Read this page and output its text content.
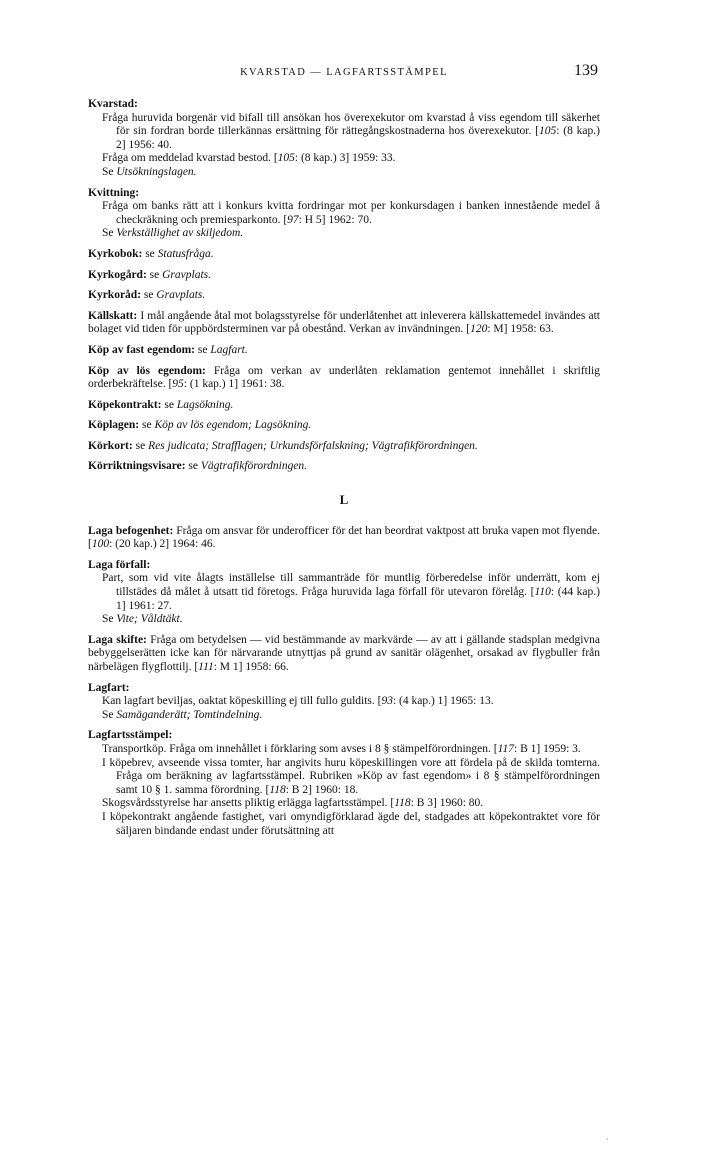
KVARSTAD — LAGFARTSSTÄMPEL	139
Kvarstad:
Fråga huruvida borgenär vid bifall till ansökan hos överexekutor om kvarstad å viss egendom till säkerhet för sin fordran borde tillerkännas ersättning för rättegångskostnaderna hos överexekutor. [105: (8 kap.) 2] 1956: 40.
Fråga om meddelad kvarstad bestod. [105: (8 kap.) 3] 1959: 33.
Se Utsökningslagen.
Kvittning:
Fråga om banks rätt att i konkurs kvitta fordringar mot per konkursdagen i banken innestående medel å checkräkning och premiesparkonto. [97: H 5] 1962: 70.
Se Verkställighet av skiljedom.
Kyrkobok: se Statusfråga.
Kyrkogård: se Gravplats.
Kyrkoråd: se Gravplats.
Källskatt: I mål angående åtal mot bolagsstyrelse för underlåtenhet att inleverera källskattemedel invändes att bolaget vid tiden för uppbördsterminen var på obestånd. Verkan av invändningen. [120: M] 1958: 63.
Köp av fast egendom: se Lagfart.
Köp av lös egendom: Fråga om verkan av underlåten reklamation gentemot innehållet i skriftlig orderbekräftelse. [95: (1 kap.) 1] 1961: 38.
Köpekontrakt: se Lagsökning.
Köplagen: se Köp av lös egendom; Lagsökning.
Körkort: se Res judicata; Strafflagen; Urkundsförfalskning; Vägtrafikförordningen.
Körriktningsvisare: se Vägtrafikförordningen.
L
Laga befogenhet: Fråga om ansvar för underofficer för det han beordrat vaktpost att bruka vapen mot flyende. [100: (20 kap.) 2] 1964: 46.
Laga förfall:
Part, som vid vite ålagts inställelse till sammanträde för muntlig förberedelse inför underrätt, kom ej tillstädes då målet å utsatt tid företogs. Fråga huruvida laga förfall för utevaron förelåg. [110: (44 kap.) 1] 1961: 27.
Se Vite; Våldtäkt.
Laga skifte: Fråga om betydelsen — vid bestämmande av markvärde — av att i gällande stadsplan medgivna bebyggelserätten icke kan för närvarande utnyttjas på grund av sanitär olägenhet, orsakad av flygbuller från närbelägen flygflottilj. [111: M 1] 1958: 66.
Lagfart:
Kan lagfart beviljas, oaktat köpeskilling ej till fullo guldits. [93: (4 kap.) 1] 1965: 13.
Se Samäganderätt; Tomtindelning.
Lagfartsstämpel:
Transportköp. Fråga om innehållet i förklaring som avses i 8 § stämpelförordningen. [117: B 1] 1959: 3.
I köpebrev, avseende vissa tomter, har angivits huru köpeskillingen vore att fördela på de skilda tomterna. Fråga om beräkning av lagfartsstämpel. Rubriken »Köp av fast egendom» i 8 § stämpelförordningen samt 10 § 1. samma förordning. [118: B 2] 1960: 18.
Skogsvårdsstyrelse har ansetts pliktig erlägga lagfartsstämpel. [118: B 3] 1960: 80.
I köpekontrakt angående fastighet, vari omyndigförklarad ägde del, stadgades att köpekontraktet vore för säljaren bindande endast under förutsättning att
·
